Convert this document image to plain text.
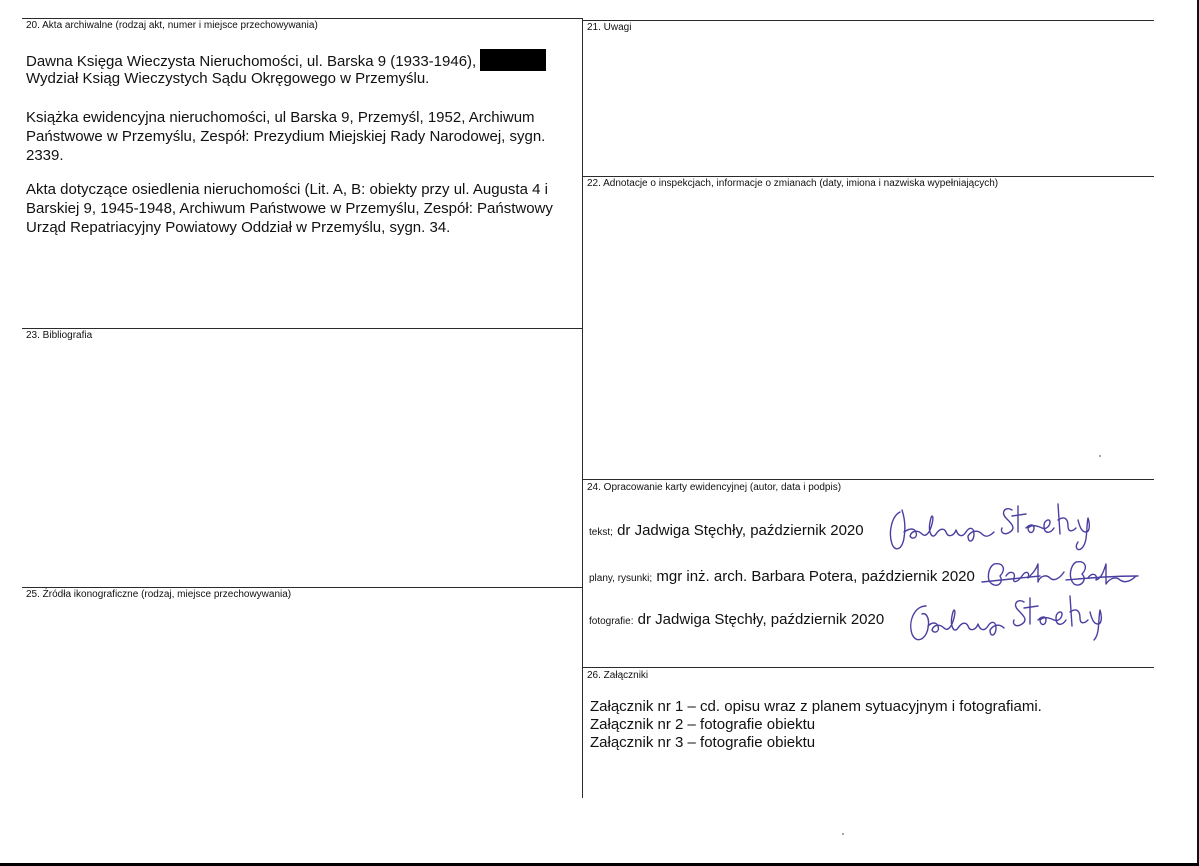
20. Akta archiwalne (rodzaj akt, numer i miejsce przechowywania)

Dawna Księga Wieczysta Nieruchomości, ul. Barska 9 (1933-1946),

Wydział Ksiąg Wieczystych Sądu Okręgowego w Przemyślu.

Książka ewidencyjna nieruchomości, ul Barska 9, Przemyśl, 1952, Archiwum Państwowe w Przemyślu, Zespół: Prezydium Miejskiej Rady Narodowej, sygn. 2339.
Akta dotyczące osiedlenia nieruchomości (Lit. A, B: obiekty przy ul. Augusta 4 i Barskiej 9, 1945-1948, Archiwum Państwowe w Przemyślu, Zespół: Państwowy Urząd Repatriacyjny Powiatowy Oddział w Przemyślu, sygn. 34.
21. Uwagi
22. Adnotacje o inspekcjach, informacje o zmianach (daty, imiona i nazwiska wypełniających)
23. Bibliografia
24. Opracowanie karty ewidencyjnej (autor, data i podpis)
tekst; dr Jadwiga Stęchły, październik 2020
plany, rysunki; mgr inż. arch. Barbara Potera, październik 2020
fotografie: dr Jadwiga Stęchły, październik 2020
25. Źródła ikonograficzne (rodzaj, miejsce przechowywania)
26. Załączniki
Załącznik nr 1 – cd. opisu wraz z planem sytuacyjnym i fotografiami.
Załącznik nr 2 – fotografie obiektu
Załącznik nr 3 – fotografie obiektu
